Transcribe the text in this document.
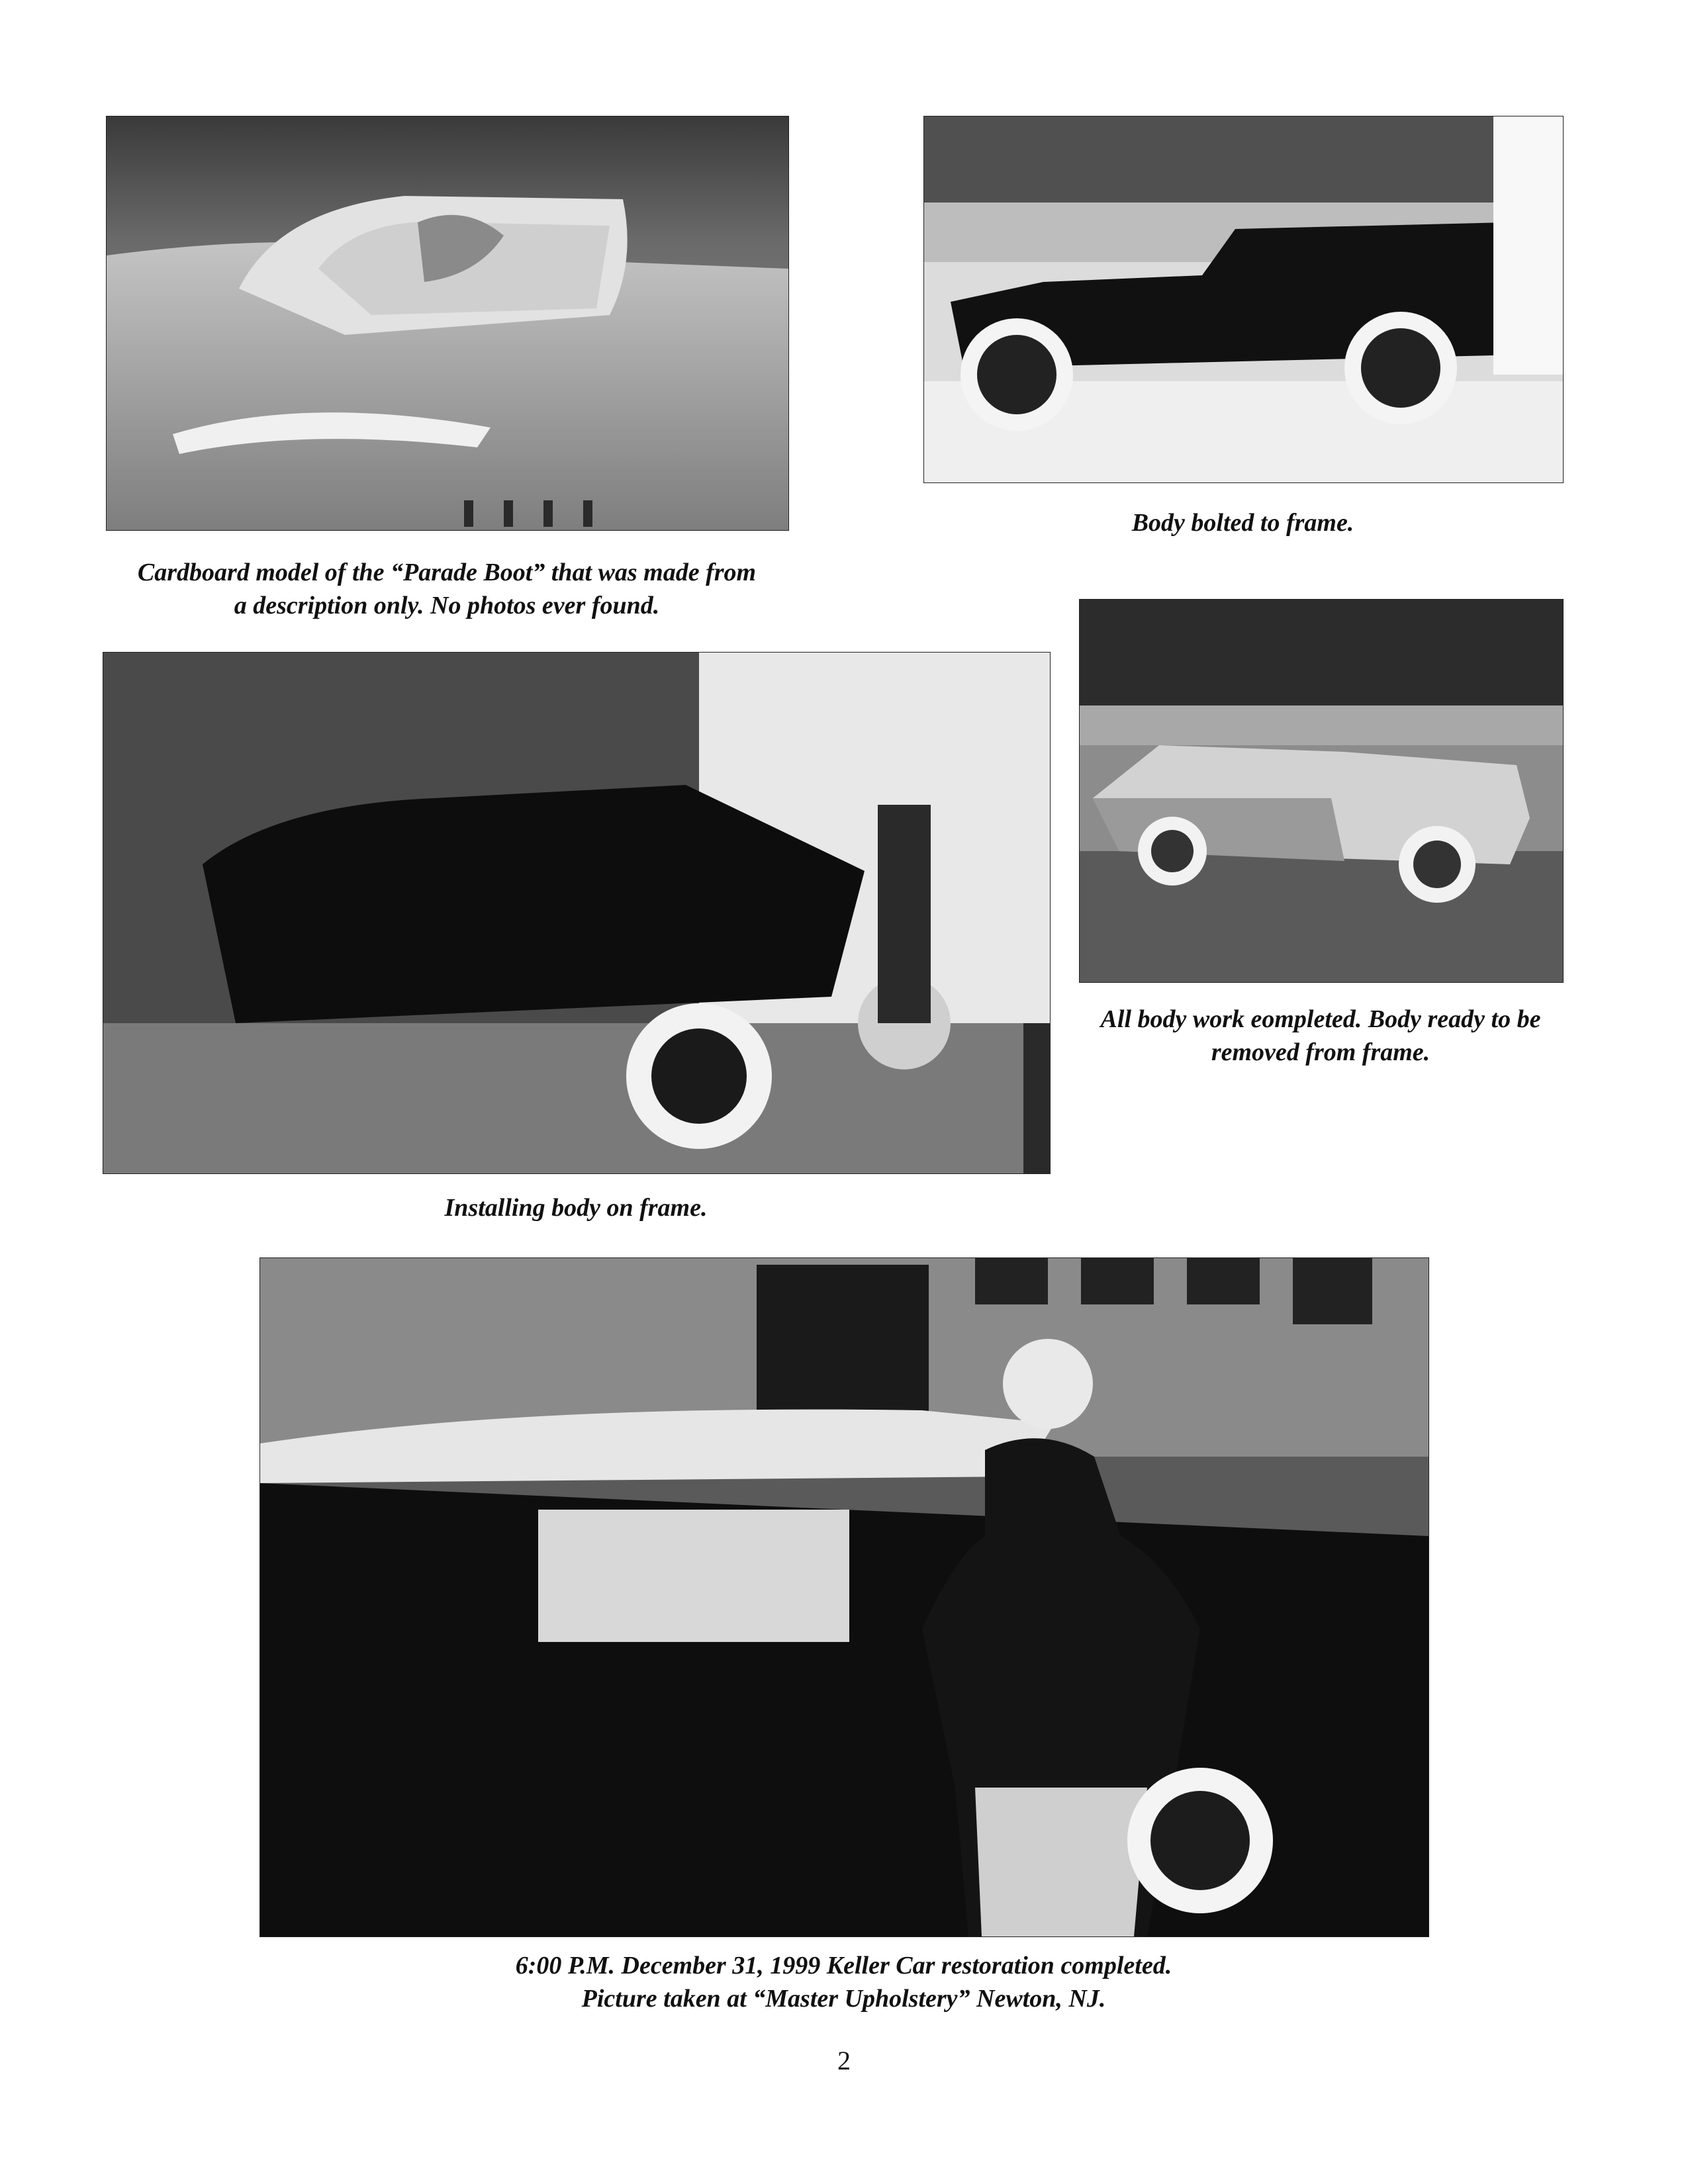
Cardboard model of the “Parade Boot” that was made from
a description only. No photos ever found.
Body bolted to frame.
Installing body on frame.
All body work eompleted. Body ready to be
removed from frame.
6:00 P.M. December 31, 1999 Keller Car restoration completed.
Picture taken at “Master Upholstery” Newton, NJ.
2
